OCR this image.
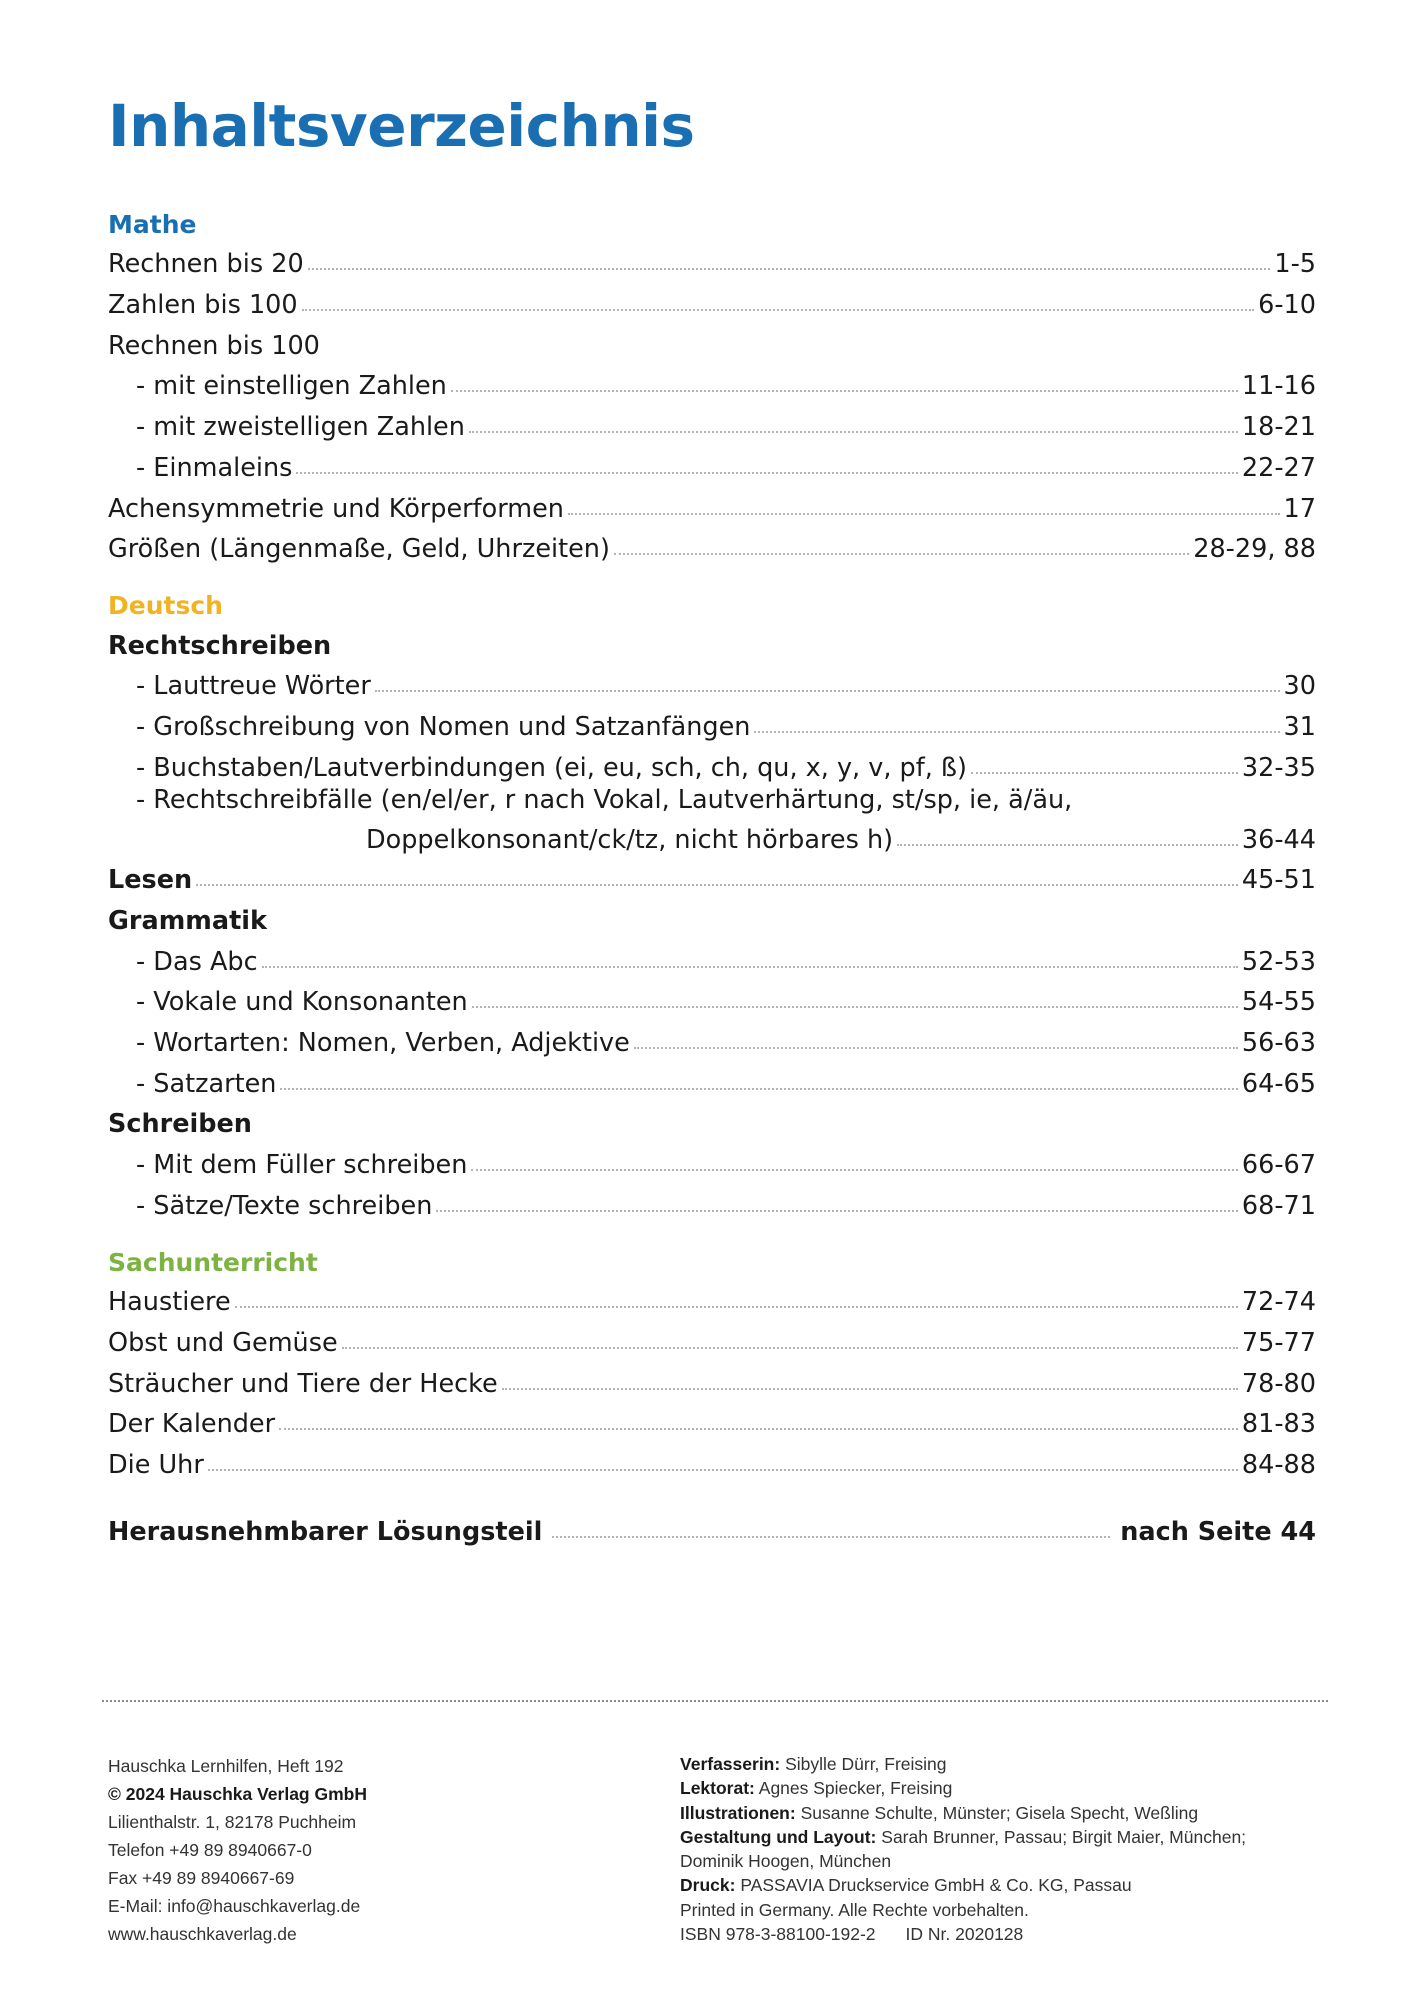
Inhaltsverzeichnis
Mathe
Rechnen bis 20	1-5
Zahlen bis 100	6-10
Rechnen bis 100
- mit einstelligen Zahlen	11-16
- mit zweistelligen Zahlen	18-21
- Einmaleins	22-27
Achensymmetrie und Körperformen	17
Größen (Längenmaße, Geld, Uhrzeiten)	28-29, 88
Deutsch
Rechtschreiben
- Lauttreue Wörter	30
- Großschreibung von Nomen und Satzanfängen	31
- Buchstaben/Lautverbindungen (ei, eu, sch, ch, qu, x, y, v, pf, ß)	32-35
- Rechtschreibfälle (en/el/er, r nach Vokal, Lautverhärtung, st/sp, ie, ä/äu,
Doppelkonsonant/ck/tz, nicht hörbares h)	36-44
Lesen	45-51
Grammatik
- Das Abc	52-53
- Vokale und Konsonanten	54-55
- Wortarten: Nomen, Verben, Adjektive	56-63
- Satzarten	64-65
Schreiben
- Mit dem Füller schreiben	66-67
- Sätze/Texte schreiben	68-71
Sachunterricht
Haustiere	72-74
Obst und Gemüse	75-77
Sträucher und Tiere der Hecke	78-80
Der Kalender	81-83
Die Uhr	84-88
Herausnehmbarer Lösungsteil	nach Seite 44
Hauschka Lernhilfen, Heft 192
© 2024 Hauschka Verlag GmbH
Lilienthalstr. 1, 82178 Puchheim
Telefon +49 89 8940667-0
Fax +49 89 8940667-69
E-Mail: info@hauschkaverlag.de
www.hauschkaverlag.de
Verfasserin: Sibylle Dürr, Freising
Lektorat: Agnes Spiecker, Freising
Illustrationen: Susanne Schulte, Münster; Gisela Specht, Weßling
Gestaltung und Layout: Sarah Brunner, Passau; Birgit Maier, München;
Dominik Hoogen, München
Druck: PASSAVIA Druckservice GmbH & Co. KG, Passau
Printed in Germany. Alle Rechte vorbehalten.
ISBN 978-3-88100-192-2 ID Nr. 2020128
